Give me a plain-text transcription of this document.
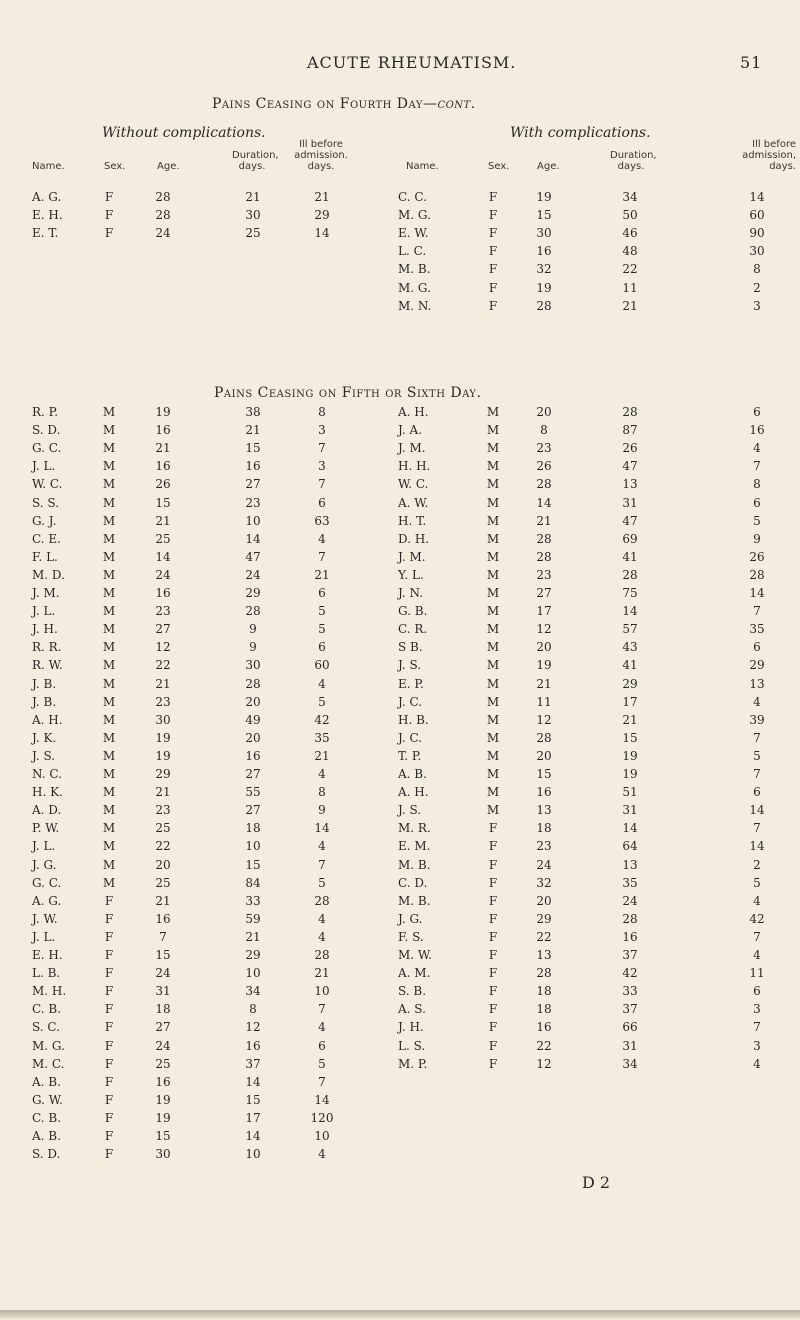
ACUTE RHEUMATISM.	51
Pains Ceasing on Fourth Day—cont.
Without complications.	With complications.
Name.	Sex.	Age.
Duration, days.
Ill before admission. days.	Name.	Sex.	Age.
Duration, days.
Ill before admission, days.
A. G.	F	28	21	21
E. H.	F	28	30	29
E. T.	F	24	25	14
C. C.	F	19	34	14
M. G.	F	15	50	60
E. W.	F	30	46	90
L. C.	F	16	48	30
M. B.	F	32	22	8
M. G.	F	19	11	2
M. N.	F	28	21	3
Pains Ceasing on Fifth or Sixth Day.
R. P.	M	19	38	8
S. D.	M	16	21	3
G. C.	M	21	15	7
J. L.	M	16	16	3
W. C.	M	26	27	7
S. S.	M	15	23	6
G. J.	M	21	10	63
C. E.	M	25	14	4
F. L.	M	14	47	7
M. D.	M	24	24	21
J. M.	M	16	29	6
J. L.	M	23	28	5
J. H.	M	27	9	5
R. R.	M	12	9	6
R. W.	M	22	30	60
J. B.	M	21	28	4
J. B.	M	23	20	5
A. H.	M	30	49	42
J. K.	M	19	20	35
J. S.	M	19	16	21
N. C.	M	29	27	4
H. K.	M	21	55	8
A. D.	M	23	27	9
P. W.	M	25	18	14
J. L.	M	22	10	4
J. G.	M	20	15	7
G. C.	M	25	84	5
A. G.	F	21	33	28
J. W.	F	16	59	4
J. L.	F	7	21	4
E. H.	F	15	29	28
L. B.	F	24	10	21
M. H.	F	31	34	10
C. B.	F	18	8	7
S. C.	F	27	12	4
M. G.	F	24	16	6
M. C.	F	25	37	5
A. B.	F	16	14	7
G. W.	F	19	15	14
C. B.	F	19	17	120
A. B.	F	15	14	10
S. D.	F	30	10	4
A. H.	M	20	28	6
J. A.	M	8	87	16
J. M.	M	23	26	4
H. H.	M	26	47	7
W. C.	M	28	13	8
A. W.	M	14	31	6
H. T.	M	21	47	5
D. H.	M	28	69	9
J. M.	M	28	41	26
Y. L.	M	23	28	28
J. N.	M	27	75	14
G. B.	M	17	14	7
C. R.	M	12	57	35
S B.	M	20	43	6
J. S.	M	19	41	29
E. P.	M	21	29	13
J. C.	M	11	17	4
H. B.	M	12	21	39
J. C.	M	28	15	7
T. P.	M	20	19	5
A. B.	M	15	19	7
A. H.	M	16	51	6
J. S.	M	13	31	14
M. R.	F	18	14	7
E. M.	F	23	64	14
M. B.	F	24	13	2
C. D.	F	32	35	5
M. B.	F	20	24	4
J. G.	F	29	28	42
F. S.	F	22	16	7
M. W.	F	13	37	4
A. M.	F	28	42	11
S. B.	F	18	33	6
A. S.	F	18	37	3
J. H.	F	16	66	7
L. S.	F	22	31	3
M. P.	F	12	34	4
D 2
